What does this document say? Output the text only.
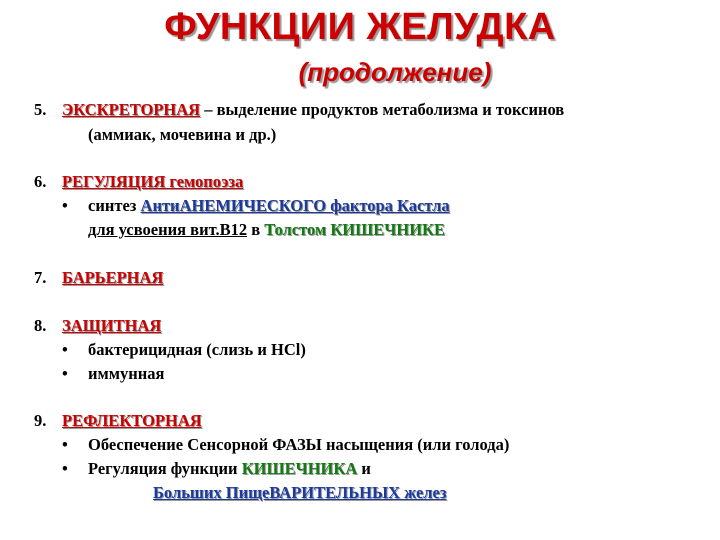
ФУНКЦИИ ЖЕЛУДКА
(продолжение)
5. ЭКСКРЕТОРНАЯ – выделение продуктов метаболизма и токсинов
(аммиак, мочевина и др.)
6. РЕГУЛЯЦИЯ гемопоэза
• синтез АнтиАНЕМИЧЕСКОГО фактора Кастла
для усвоения вит.В12 в Толстом КИШЕЧНИКЕ
7. БАРЬЕРНАЯ
8. ЗАЩИТНАЯ
• бактерицидная (слизь и HCl)
• иммунная
9. РЕФЛЕКТОРНАЯ
• Обеспечение Сенсорной ФАЗЫ насыщения (или голода)
• Регуляция функции КИШЕЧНИКА и
Больших ПищеВАРИТЕЛЬНЫХ желез
